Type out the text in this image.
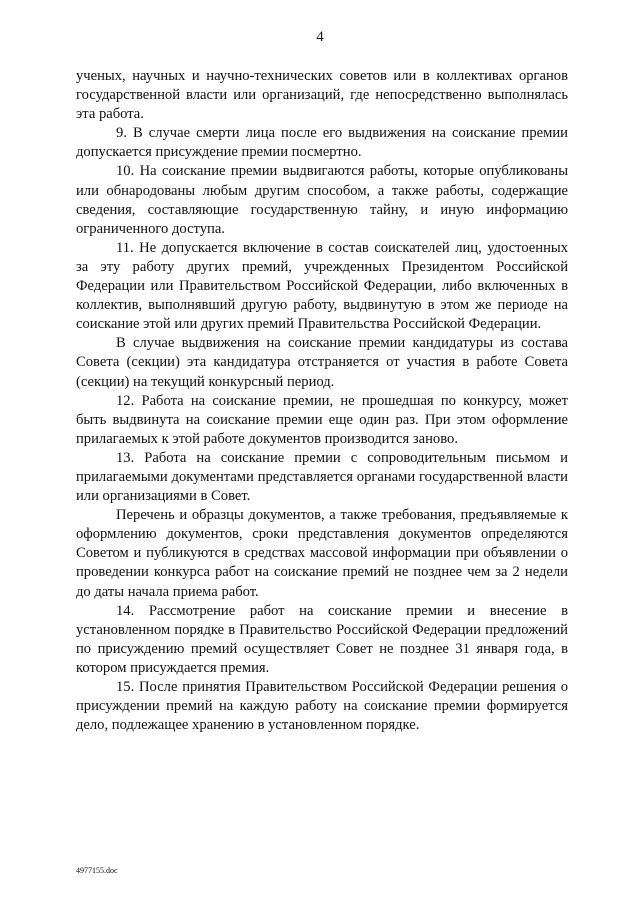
4

ученых, научных и научно-технических советов или в коллективах органов государственной власти или организаций, где непосредственно выполнялась эта работа.

9. В случае смерти лица после его выдвижения на соискание премии допускается присуждение премии посмертно.

10. На соискание премии выдвигаются работы, которые опубликованы или обнародованы любым другим способом, а также работы, содержащие сведения, составляющие государственную тайну, и иную информацию ограниченного доступа.

11. Не допускается включение в состав соискателей лиц, удостоенных за эту работу других премий, учрежденных Президентом Российской Федерации или Правительством Российской Федерации, либо включенных в коллектив, выполнявший другую работу, выдвинутую в этом же периоде на соискание этой или других премий Правительства Российской Федерации.

В случае выдвижения на соискание премии кандидатуры из состава Совета (секции) эта кандидатура отстраняется от участия в работе Совета (секции) на текущий конкурсный период.

12. Работа на соискание премии, не прошедшая по конкурсу, может быть выдвинута на соискание премии еще один раз. При этом оформление прилагаемых к этой работе документов производится заново.

13. Работа на соискание премии с сопроводительным письмом и прилагаемыми документами представляется органами государственной власти или организациями в Совет.

Перечень и образцы документов, а также требования, предъявляемые к оформлению документов, сроки представления документов определяются Советом и публикуются в средствах массовой информации при объявлении о проведении конкурса работ на соискание премий не позднее чем за 2 недели до даты начала приема работ.

14. Рассмотрение работ на соискание премии и внесение в установленном порядке в Правительство Российской Федерации предложений по присуждению премий осуществляет Совет не позднее 31 января года, в котором присуждается премия.

15. После принятия Правительством Российской Федерации решения о присуждении премий на каждую работу на соискание премии формируется дело, подлежащее хранению в установленном порядке.

4977155.doc
